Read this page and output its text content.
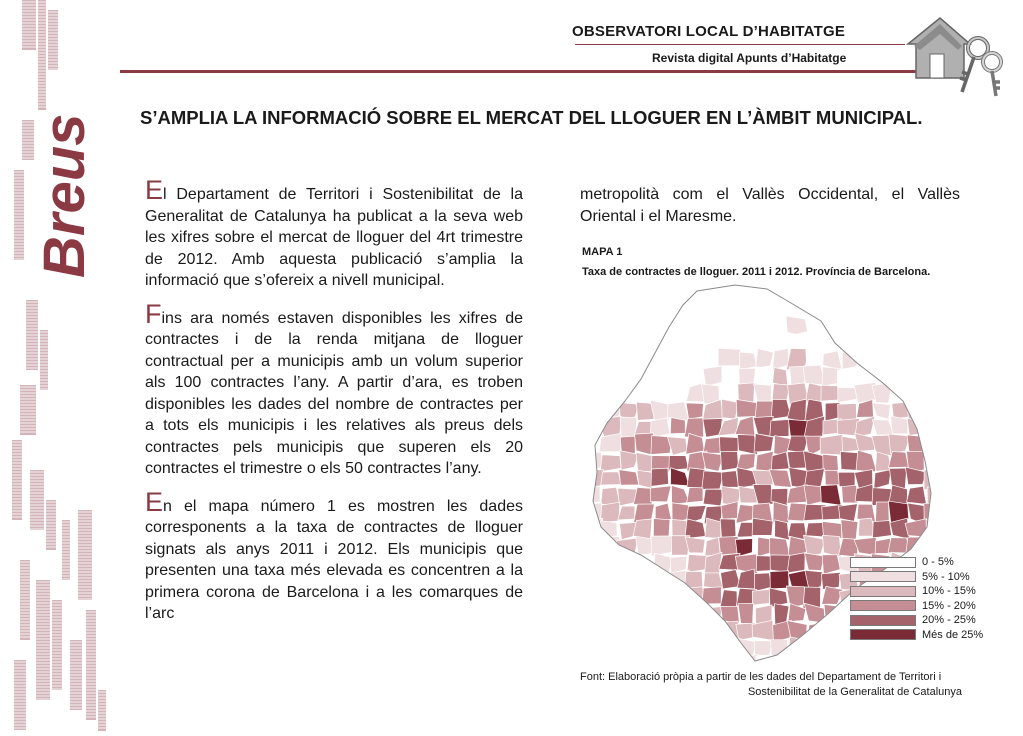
Breus
OBSERVATORI LOCAL D’HABITATGE
Revista digital Apunts d’Habitatge
S’AMPLIA LA INFORMACIÓ SOBRE EL MERCAT DEL LLOGUER EN L’ÀMBIT MUNICIPAL.

El Departament de Territori i Sostenibilitat de la Generalitat de Catalunya ha publicat a la seva web les xifres sobre el mercat de lloguer del 4rt trimestre de 2012. Amb aquesta publicació s’amplia la informació que s’ofereix a nivell municipal.

Fins ara només estaven disponibles les xifres de contractes i de la renda mitjana de lloguer contractual per a municipis amb un volum superior als 100 contractes l’any. A partir d’ara, es troben disponibles les dades del nombre de contractes per a tots els municipis i les relatives als preus dels contractes pels municipis que superen els 20 contractes el trimestre o els 50 contractes l’any.

En el mapa número 1 es mostren les dades corresponents a la taxa de contractes de lloguer signats als anys 2011 i 2012. Els municipis que presenten una taxa més elevada es concentren a la primera corona de Barcelona i a les comarques de l’arc

metropolità com el Vallès Occidental, el Vallès Oriental i el Maresme.
MAPA 1
Taxa de contractes de lloguer. 2011 i 2012. Província de Barcelona.
0 - 5%
5% - 10%
10% - 15%
15% - 20%
20% - 25%
Més de 25%
Font: Elaboració pròpia a partir de les dades del Departament de Territori i
Sostenibilitat de la Generalitat de Catalunya
